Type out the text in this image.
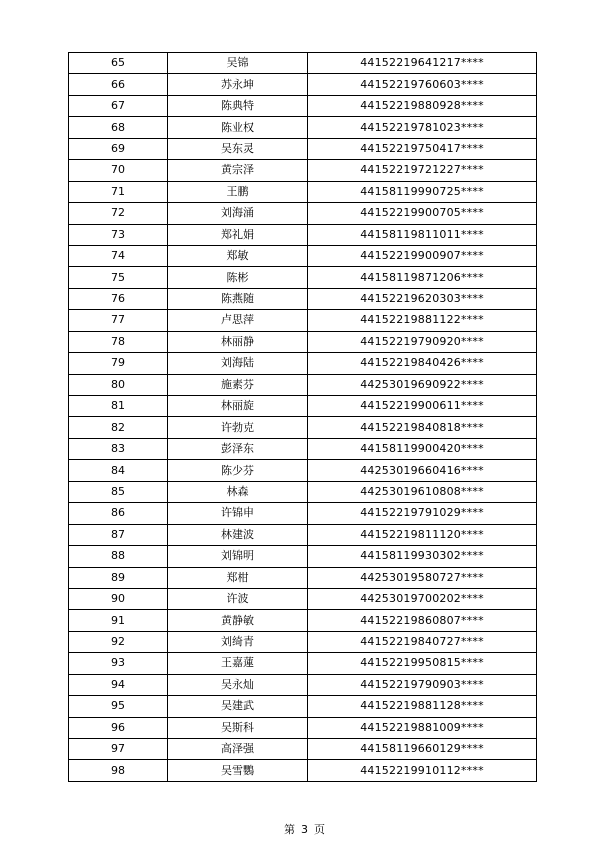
65	吴锦	44152219641217****
66	苏永坤	44152219760603****
67	陈典特	44152219880928****
68	陈业权	44152219781023****
69	吴东灵	44152219750417****
70	黄宗泽	44152219721227****
71	王鹏	44158119990725****
72	刘海涌	44152219900705****
73	郑礼娟	44158119811011****
74	郑敏	44152219900907****
75	陈彬	44158119871206****
76	陈燕随	44152219620303****
77	卢思萍	44152219881122****
78	林丽静	44152219790920****
79	刘海陆	44152219840426****
80	施素芬	44253019690922****
81	林丽旋	44152219900611****
82	许勃克	44152219840818****
83	彭泽东	44158119900420****
84	陈少芬	44253019660416****
85	林森	44253019610808****
86	许锦申	44152219791029****
87	林建波	44152219811120****
88	刘锦明	44158119930302****
89	郑柑	44253019580727****
90	许波	44253019700202****
91	黄静敏	44152219860807****
92	刘绮青	44152219840727****
93	王嘉蓮	44152219950815****
94	吴永灿	44152219790903****
95	吴建武	44152219881128****
96	吴斯科	44152219881009****
97	高泽强	44158119660129****
98	吴雪鸚	44152219910112****
第 3 页
